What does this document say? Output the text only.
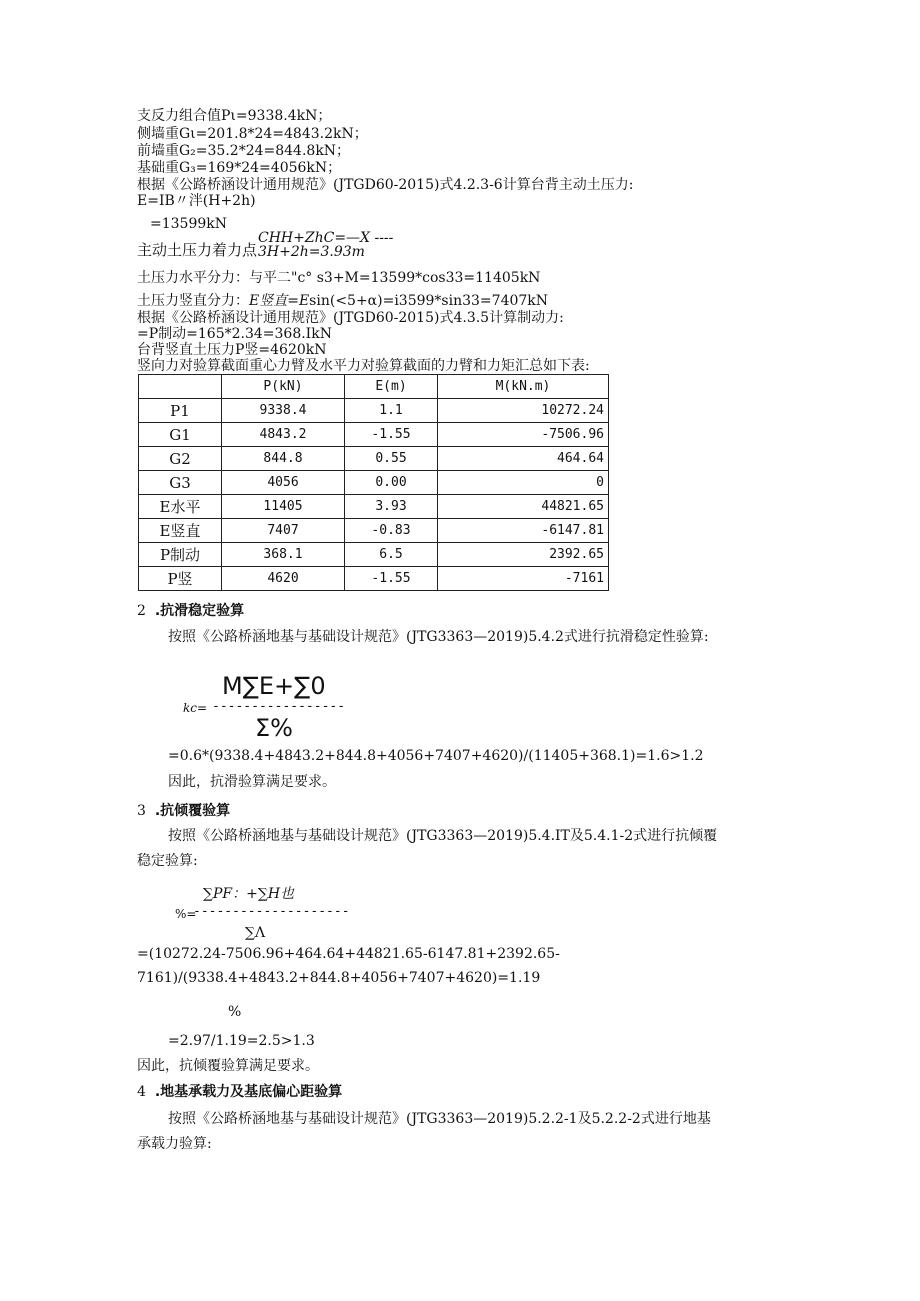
支反力组合值Pι=9338.4kN；
侧墙重Gι=201.8*24=4843.2kN；
前墙重G₂=35.2*24=844.8kN；
基础重G₃=169*24=4056kN；
根据《公路桥涵设计通用规范》(JTGD60-2015)式4.2.3-6计算台背主动土压力:
E=IB〃泮(H+2h)
=13599kN
主动土压力着力点
CHH+ZhC=—X ----
3H+2h=3.93m
土压力水平分力：与平二"c° s3+M=13599*cos33=11405kN
土压力竖直分力：E竖直=Esin(<5+α)=i3599*sin33=7407kN
根据《公路桥涵设计通用规范》(JTGD60-2015)式4.3.5计算制动力:
=P制动=165*2.34=368.IkN
台背竖直土压力P竖=4620kN
竖向力对验算截面重心力臂及水平力对验算截面的力臂和力矩汇总如下表:
	P(kN)	E(m)	M(kN.m)
P1	9338.4	1.1	10272.24
G1	4843.2	-1.55	-7506.96
G2	844.8	0.55	464.64
G3	4056	0.00	0
E水平	11405	3.93	44821.65
E竖直	7407	-0.83	-6147.81
P制动	368.1	6.5	2392.65
P竖	4620	-1.55	-7161
2 .抗滑稳定验算
按照《公路桥涵地基与基础设计规范》(JTG3363—2019)5.4.2式进行抗滑稳定性验算:
M∑E+∑0
kc= -----------------
Σ%
=0.6*(9338.4+4843.2+844.8+4056+7407+4620)/(11405+368.1)=1.6>1.2
因此，抗滑验算满足要求。
3 .抗倾覆验算
按照《公路桥涵地基与基础设计规范》(JTG3363—2019)5.4.IT及5.4.1-2式进行抗倾覆
稳定验算:
∑PF：+∑H也
%=
--------------------
∑Λ
=(10272.24-7506.96+464.64+44821.65-6147.81+2392.65-
7161)/(9338.4+4843.2+844.8+4056+7407+4620)=1.19
%
=2.97/1.19=2.5>1.3
因此，抗倾覆验算满足要求。
4 .地基承载力及基底偏心距验算
按照《公路桥涵地基与基础设计规范》(JTG3363—2019)5.2.2-1及5.2.2-2式进行地基
承载力验算:
